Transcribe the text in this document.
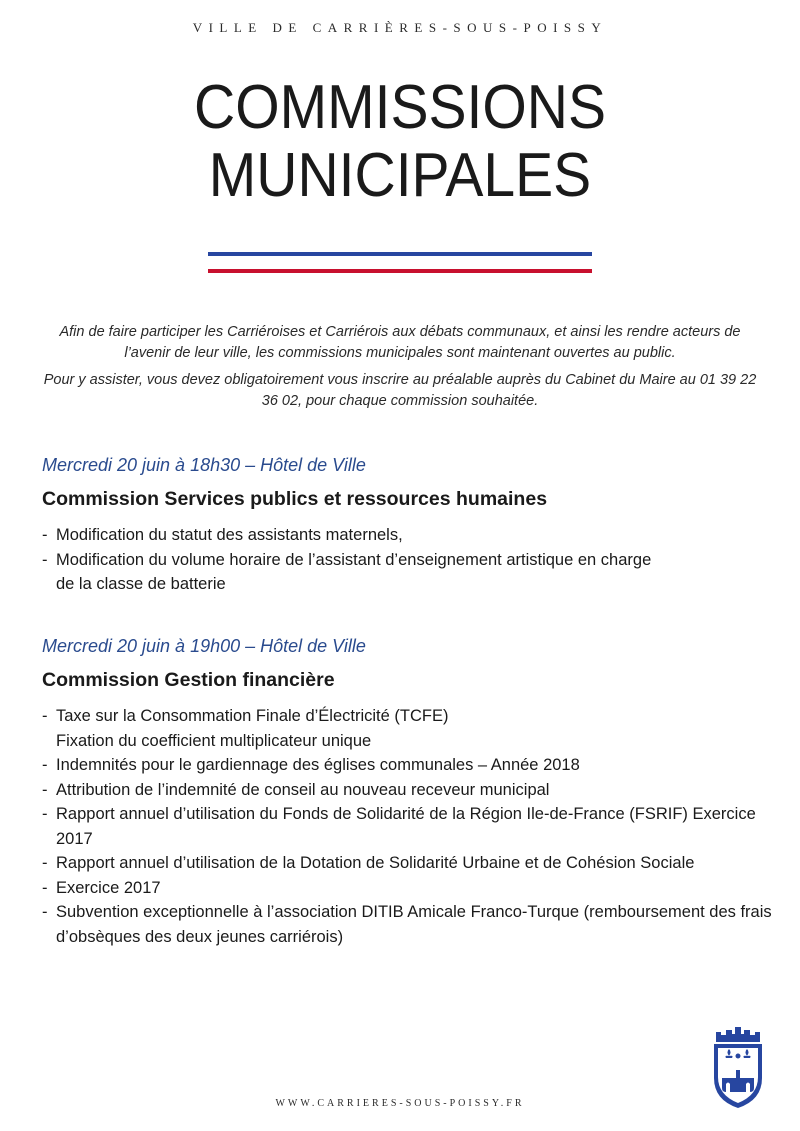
VILLE DE CARRIÈRES-SOUS-POISSY
COMMISSIONS
MUNICIPALES

Afin de faire participer les Carriéroises et Carriérois aux débats communaux, et ainsi les rendre acteurs de l’avenir de leur ville, les commissions municipales sont maintenant ouvertes au public.

Pour y assister, vous devez obligatoirement vous inscrire au préalable auprès du Cabinet du Maire au 01 39 22 36 02, pour chaque commission souhaitée.

Mercredi 20 juin à 18h30 – Hôtel de Ville
Commission Services publics et ressources humaines
- Modification du statut des assistants maternels,
- Modification du volume horaire de l’assistant d’enseignement artistique en charge de la classe de batterie
Mercredi 20 juin à 19h00 – Hôtel de Ville
Commission Gestion financière
- Taxe sur la Consommation Finale d’Électricité (TCFE) Fixation du coefficient multiplicateur unique
- Indemnités pour le gardiennage des églises communales – Année 2018
- Attribution de l’indemnité de conseil au nouveau receveur municipal
- Rapport annuel d’utilisation du Fonds de Solidarité de la Région Ile-de-France (FSRIF) Exercice 2017
- Rapport annuel d’utilisation de la Dotation de Solidarité Urbaine et de Cohésion Sociale
- Exercice 2017
- Subvention exceptionnelle à l’association DITIB Amicale Franco-Turque (remboursement des frais d’obsèques des deux jeunes carriérois)
WWW.CARRIERES-SOUS-POISSY.FR
